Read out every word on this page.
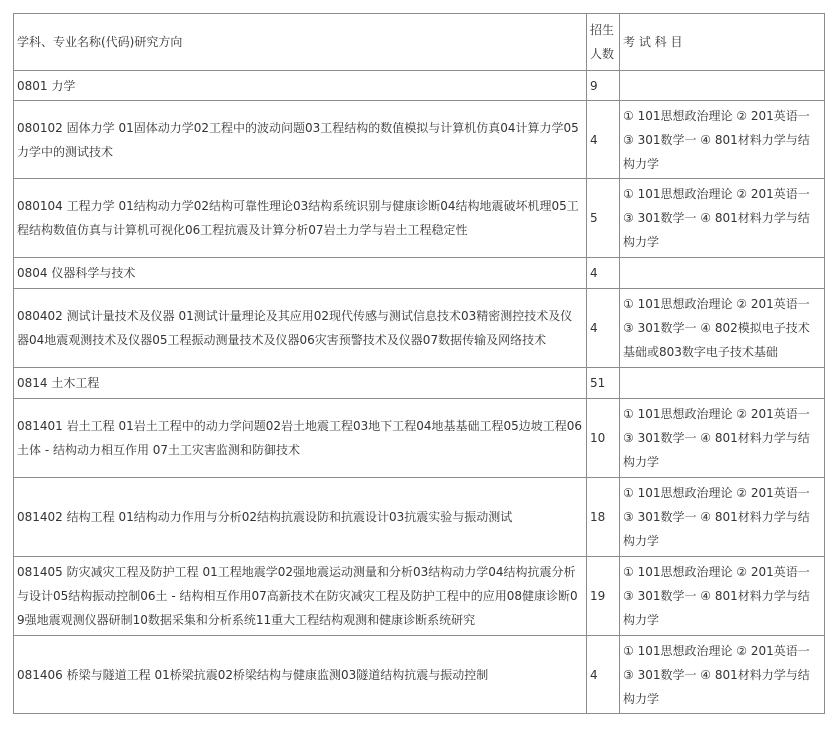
学科、专业名称(代码)研究方向	招生人数	考 试 科 目
0801 力学	9	
080102 固体力学 01固体动力学02工程中的波动问题03工程结构的数值模拟与计算机仿真04计算力学05力学中的测试技术	4	① 101思想政治理论 ② 201英语一 ③ 301数学一 ④ 801材料力学与结构力学
080104 工程力学 01结构动力学02结构可靠性理论03结构系统识别与健康诊断04结构地震破坏机理05工程结构数值仿真与计算机可视化06工程抗震及计算分析07岩土力学与岩土工程稳定性	5	① 101思想政治理论 ② 201英语一 ③ 301数学一 ④ 801材料力学与结构力学
0804 仪器科学与技术	4	
080402 测试计量技术及仪器 01测试计量理论及其应用02现代传感与测试信息技术03精密测控技术及仪器04地震观测技术及仪器05工程振动测量技术及仪器06灾害预警技术及仪器07数据传输及网络技术	4	① 101思想政治理论 ② 201英语一 ③ 301数学一 ④ 802模拟电子技术基础或803数字电子技术基础
0814 土木工程	51	
081401 岩土工程 01岩土工程中的动力学问题02岩土地震工程03地下工程04地基基础工程05边坡工程06土体 - 结构动力相互作用 07土工灾害监测和防御技术	10	① 101思想政治理论 ② 201英语一 ③ 301数学一 ④ 801材料力学与结构力学
081402 结构工程 01结构动力作用与分析02结构抗震设防和抗震设计03抗震实验与振动测试	18	① 101思想政治理论 ② 201英语一 ③ 301数学一 ④ 801材料力学与结构力学
081405 防灾减灾工程及防护工程 01工程地震学02强地震运动测量和分析03结构动力学04结构抗震分析与设计05结构振动控制06土 - 结构相互作用07高新技术在防灾减灾工程及防护工程中的应用08健康诊断09强地震观测仪器研制10数据采集和分析系统11重大工程结构观测和健康诊断系统研究	19	① 101思想政治理论 ② 201英语一 ③ 301数学一 ④ 801材料力学与结构力学
081406 桥梁与隧道工程 01桥梁抗震02桥梁结构与健康监测03隧道结构抗震与振动控制	4	① 101思想政治理论 ② 201英语一 ③ 301数学一 ④ 801材料力学与结构力学
